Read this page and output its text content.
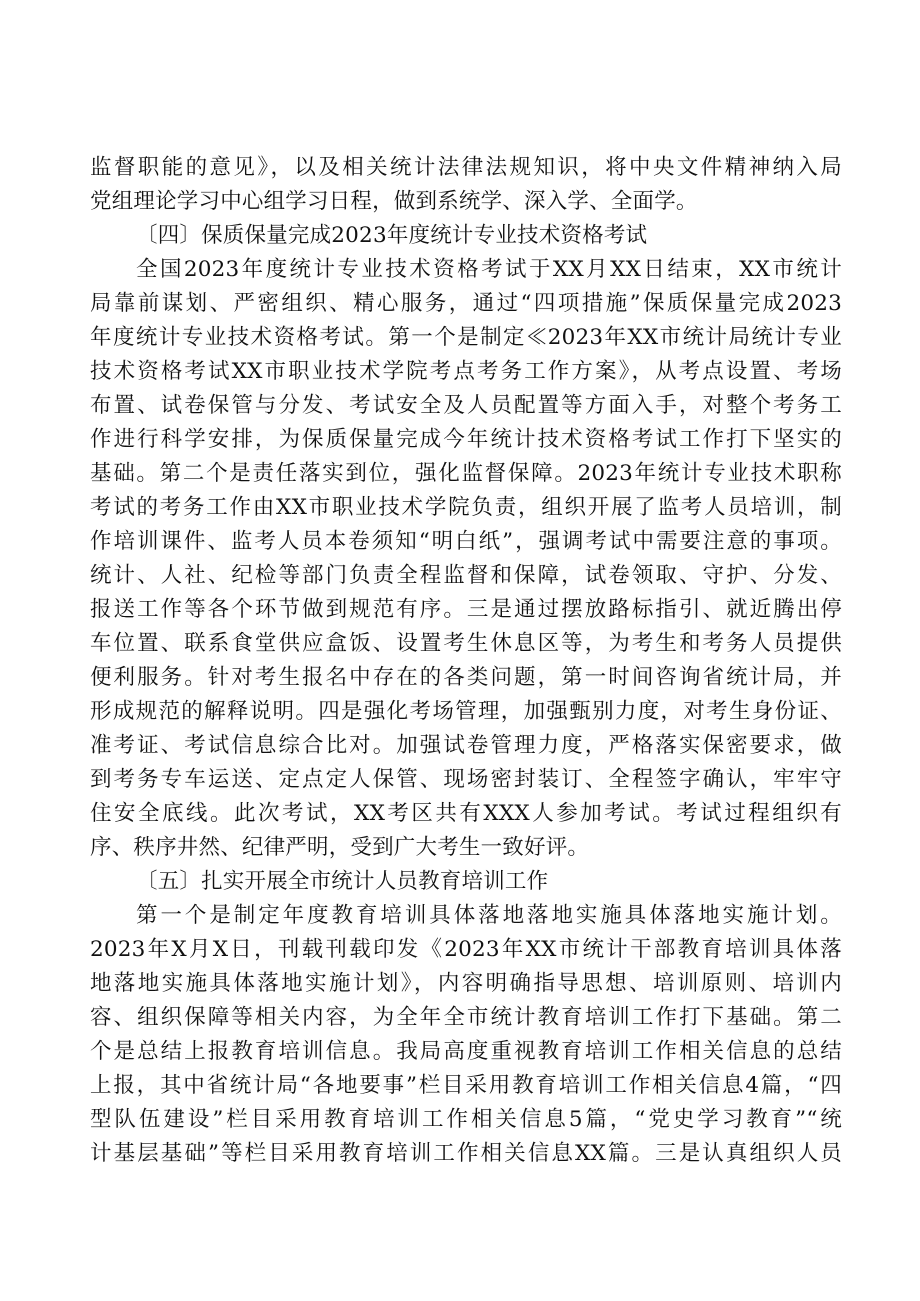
监督职能的意见》，以及相关统计法律法规知识，将中央文件精神纳入局
党组理论学习中心组学习日程，做到系统学、深入学、全面学。
〔四〕保质保量完成2023年度统计专业技术资格考试
全国2023年度统计专业技术资格考试于XX月XX日结束，XX市统计
局靠前谋划、严密组织、精心服务，通过“四项措施”保质保量完成2023
年度统计专业技术资格考试。第一个是制定≪2023年XX市统计局统计专业
技术资格考试XX市职业技术学院考点考务工作方案》，从考点设置、考场
布置、试卷保管与分发、考试安全及人员配置等方面入手，对整个考务工
作进行科学安排，为保质保量完成今年统计技术资格考试工作打下坚实的
基础。第二个是责任落实到位，强化监督保障。2023年统计专业技术职称
考试的考务工作由XX市职业技术学院负责，组织开展了监考人员培训，制
作培训课件、监考人员本卷须知“明白纸”，强调考试中需要注意的事项。
统计、人社、纪检等部门负责全程监督和保障，试卷领取、守护、分发、
报送工作等各个环节做到规范有序。三是通过摆放路标指引、就近腾出停
车位置、联系食堂供应盒饭、设置考生休息区等，为考生和考务人员提供
便利服务。针对考生报名中存在的各类问题，第一时间咨询省统计局，并
形成规范的解释说明。四是强化考场管理，加强甄别力度，对考生身份证、
准考证、考试信息综合比对。加强试卷管理力度，严格落实保密要求，做
到考务专车运送、定点定人保管、现场密封装订、全程签字确认，牢牢守
住安全底线。此次考试，XX考区共有XXX人参加考试。考试过程组织有
序、秩序井然、纪律严明，受到广大考生一致好评。
〔五〕扎实开展全市统计人员教育培训工作
第一个是制定年度教育培训具体落地落地实施具体落地实施计划。
2023年X月X日，刊载刊载印发《2023年XX市统计干部教育培训具体落
地落地实施具体落地实施计划》，内容明确指导思想、培训原则、培训内
容、组织保障等相关内容，为全年全市统计教育培训工作打下基础。第二
个是总结上报教育培训信息。我局高度重视教育培训工作相关信息的总结
上报，其中省统计局“各地要事”栏目采用教育培训工作相关信息4篇，“四
型队伍建设”栏目采用教育培训工作相关信息5篇，“党史学习教育”“统
计基层基础”等栏目采用教育培训工作相关信息XX篇。三是认真组织人员
